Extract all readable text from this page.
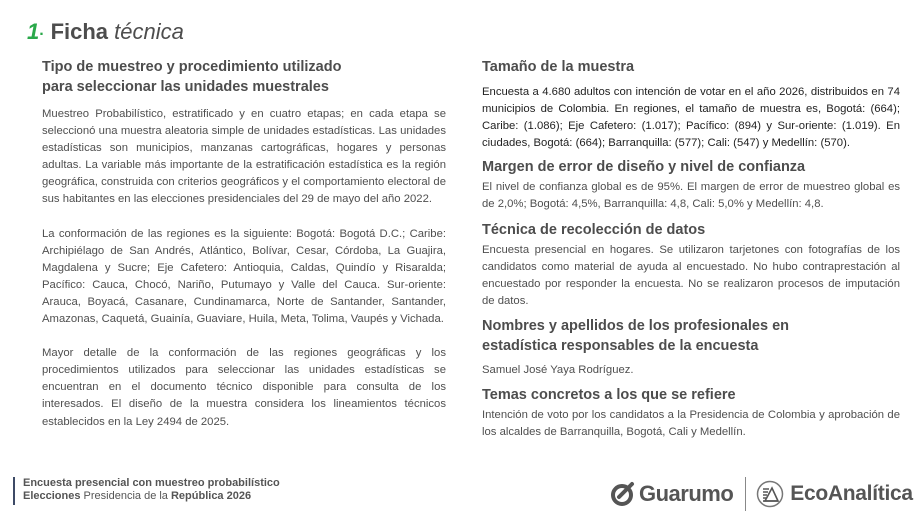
1· Ficha técnica
Tipo de muestreo y procedimiento utilizado
para seleccionar las unidades muestrales

Muestreo Probabilístico, estratificado y en cuatro etapas; en cada etapa se seleccionó una muestra aleatoria simple de unidades estadísticas. Las unidades estadísticas son municipios, manzanas cartográficas, hogares y personas adultas. La variable más importante de la estratificación estadística es la región geográfica, construida con criterios geográficos y el comportamiento electoral de sus habitantes en las elecciones presidenciales del 29 de mayo del año 2022.

La conformación de las regiones es la siguiente: Bogotá: Bogotá D.C.; Caribe: Archipiélago de San Andrés, Atlántico, Bolívar, Cesar, Córdoba, La Guajira, Magdalena y Sucre; Eje Cafetero: Antioquia, Caldas, Quindío y Risaralda; Pacífico: Cauca, Chocó, Nariño, Putumayo y Valle del Cauca. Sur-oriente: Arauca, Boyacá, Casanare, Cundinamarca, Norte de Santander, Santander, Amazonas, Caquetá, Guainía, Guaviare, Huila, Meta, Tolima, Vaupés y Vichada.

Mayor detalle de la conformación de las regiones geográficas y los procedimientos utilizados para seleccionar las unidades estadísticas se encuentran en el documento técnico disponible para consulta de los interesados. El diseño de la muestra considera los lineamientos técnicos establecidos en la Ley 2494 de 2025.

Tamaño de la muestra

Encuesta a 4.680 adultos con intención de votar en el año 2026, distribuidos en 74 municipios de Colombia. En regiones, el tamaño de muestra es, Bogotá: (664); Caribe: (1.086); Eje Cafetero: (1.017); Pacífico: (894) y Sur-oriente: (1.019). En ciudades, Bogotá: (664); Barranquilla: (577); Cali: (547) y Medellín: (570).

Margen de error de diseño y nivel de confianza

El nivel de confianza global es de 95%. El margen de error de muestreo global es de 2,0%; Bogotá: 4,5%, Barranquilla: 4,8, Cali: 5,0% y Medellín: 4,8.

Técnica de recolección de datos

Encuesta presencial en hogares. Se utilizaron tarjetones con fotografías de los candidatos como material de ayuda al encuestado. No hubo contraprestación al encuestado por responder la encuesta. No se realizaron procesos de imputación de datos.

Nombres y apellidos de los profesionales en
estadística responsables de la encuesta

Samuel José Yaya Rodríguez.

Temas concretos a los que se refiere

Intención de voto por los candidatos a la Presidencia de Colombia y aprobación de los alcaldes de Barranquilla, Bogotá, Cali y Medellín.

Encuesta presencial con muestreo probabilístico
Elecciones Presidencia de la República 2026	Guarumo	EcoAnalítica
